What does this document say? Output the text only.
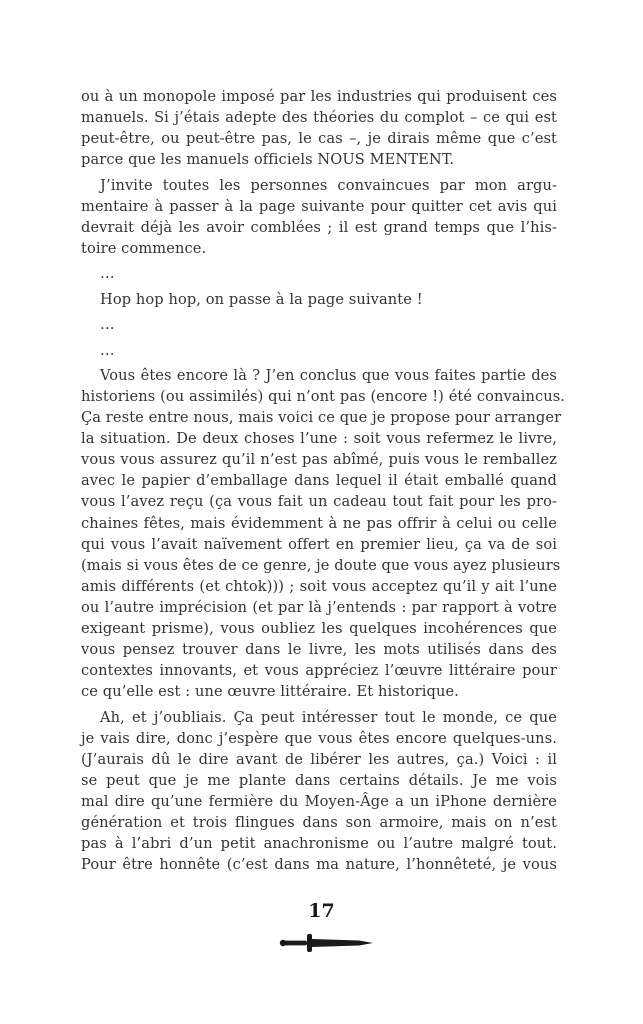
ou à un monopole imposé par les industries qui produisent ces
manuels. Si j’étais adepte des théories du complot – ce qui est
peut-être, ou peut-être pas, le cas –, je dirais même que c’est
parce que les manuels officiels NOUS MENTENT.
J’invite toutes les personnes convaincues par mon argu-
mentaire à passer à la page suivante pour quitter cet avis qui
devrait déjà les avoir comblées ; il est grand temps que l’his-
toire commence.
…
Hop hop hop, on passe à la page suivante !
…
…
Vous êtes encore là ? J’en conclus que vous faites partie des
historiens (ou assimilés) qui n’ont pas (encore !) été convaincus.
Ça reste entre nous, mais voici ce que je propose pour arranger
la situation. De deux choses l’une : soit vous refermez le livre,
vous vous assurez qu’il n’est pas abîmé, puis vous le remballez
avec le papier d’emballage dans lequel il était emballé quand
vous l’avez reçu (ça vous fait un cadeau tout fait pour les pro-
chaines fêtes, mais évidemment à ne pas offrir à celui ou celle
qui vous l’avait naïvement offert en premier lieu, ça va de soi
(mais si vous êtes de ce genre, je doute que vous ayez plusieurs
amis différents (et chtok))) ; soit vous acceptez qu’il y ait l’une
ou l’autre imprécision (et par là j’entends : par rapport à votre
exigeant prisme), vous oubliez les quelques incohérences que
vous pensez trouver dans le livre, les mots utilisés dans des
contextes innovants, et vous appréciez l’œuvre littéraire pour
ce qu’elle est : une œuvre littéraire. Et historique.
Ah, et j’oubliais. Ça peut intéresser tout le monde, ce que
je vais dire, donc j’espère que vous êtes encore quelques-uns.
(J’aurais dû le dire avant de libérer les autres, ça.) Voici : il
se peut que je me plante dans certains détails. Je me vois
mal dire qu’une fermière du Moyen-Âge a un iPhone dernière
génération et trois flingues dans son armoire, mais on n’est
pas à l’abri d’un petit anachronisme ou l’autre malgré tout.
Pour être honnête (c’est dans ma nature, l’honnêteté, je vous
17
